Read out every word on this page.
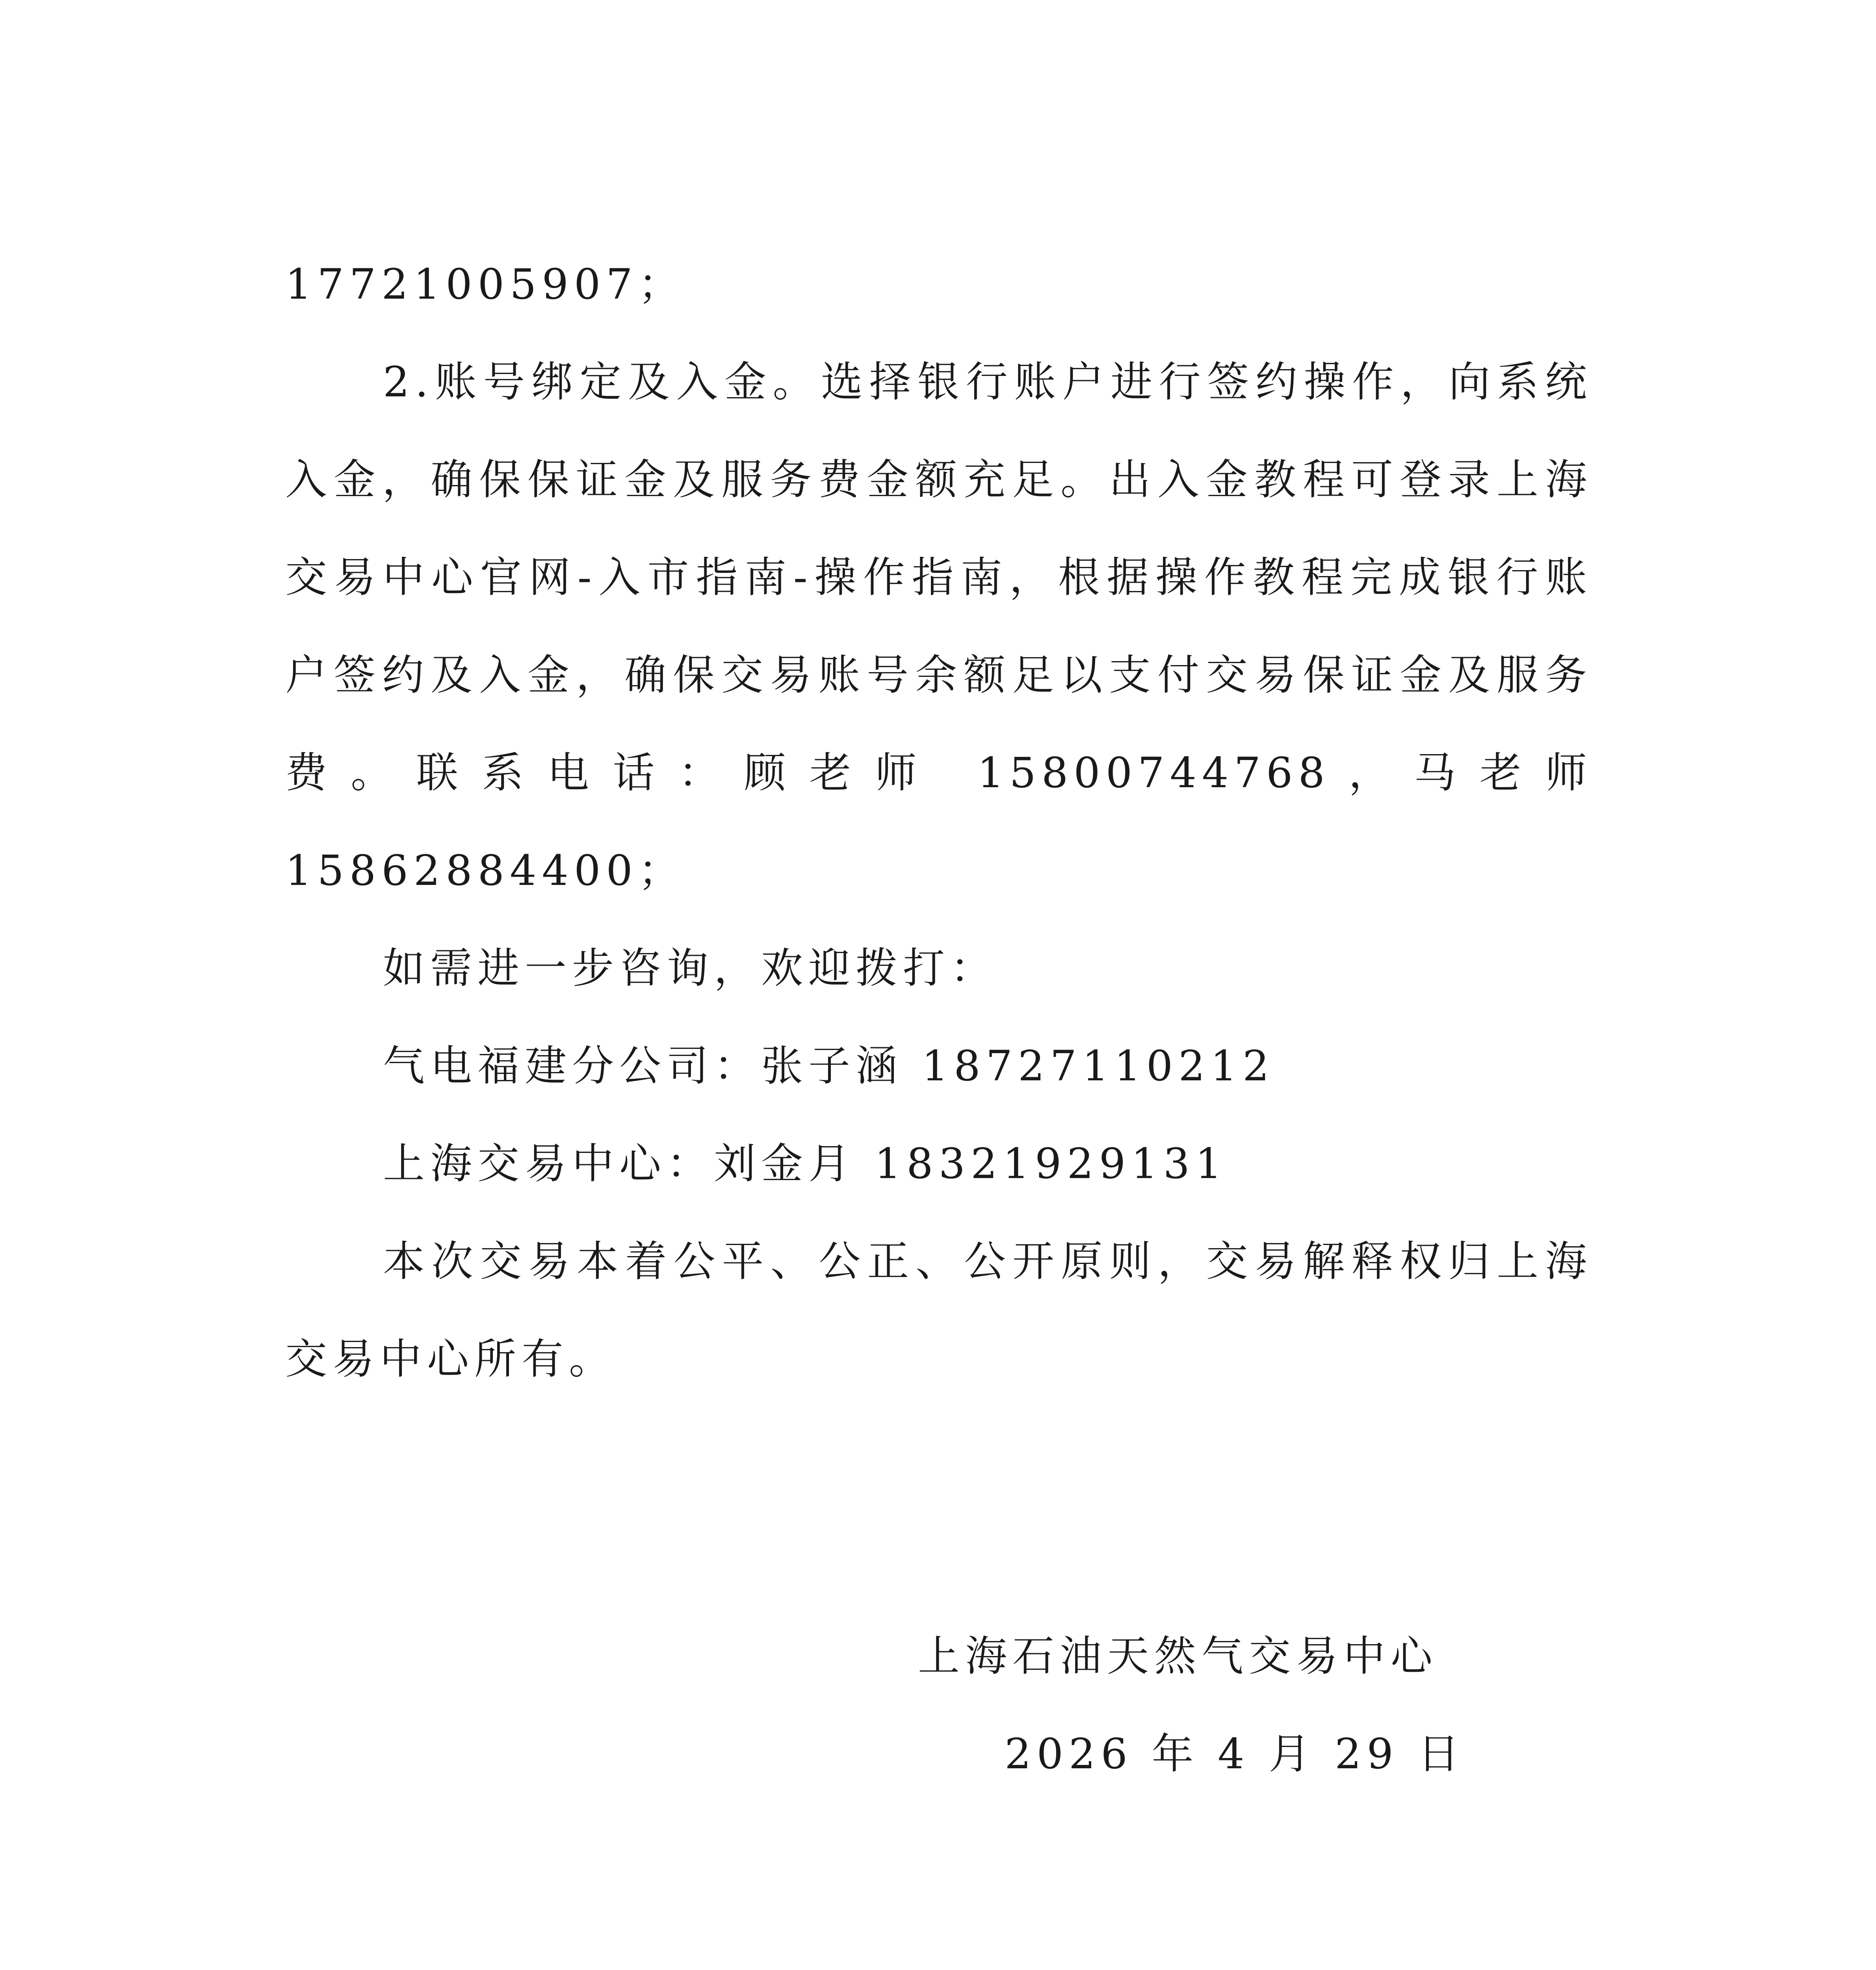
17721005907；

2.账号绑定及入金。选择银行账户进行签约操作，向系统入金，确保保证金及服务费金额充足。出入金教程可登录上海交易中心官网-入市指南-操作指南，根据操作教程完成银行账户签约及入金，确保交易账号余额足以支付交易保证金及服务费。联系电话：顾老师 15800744768，马老师15862884400；

如需进一步咨询，欢迎拨打：

气电福建分公司：张子涵 18727110212

上海交易中心：刘金月 18321929131

本次交易本着公平、公正、公开原则，交易解释权归上海交易中心所有。

上海石油天然气交易中心
2026 年 4 月 29 日
